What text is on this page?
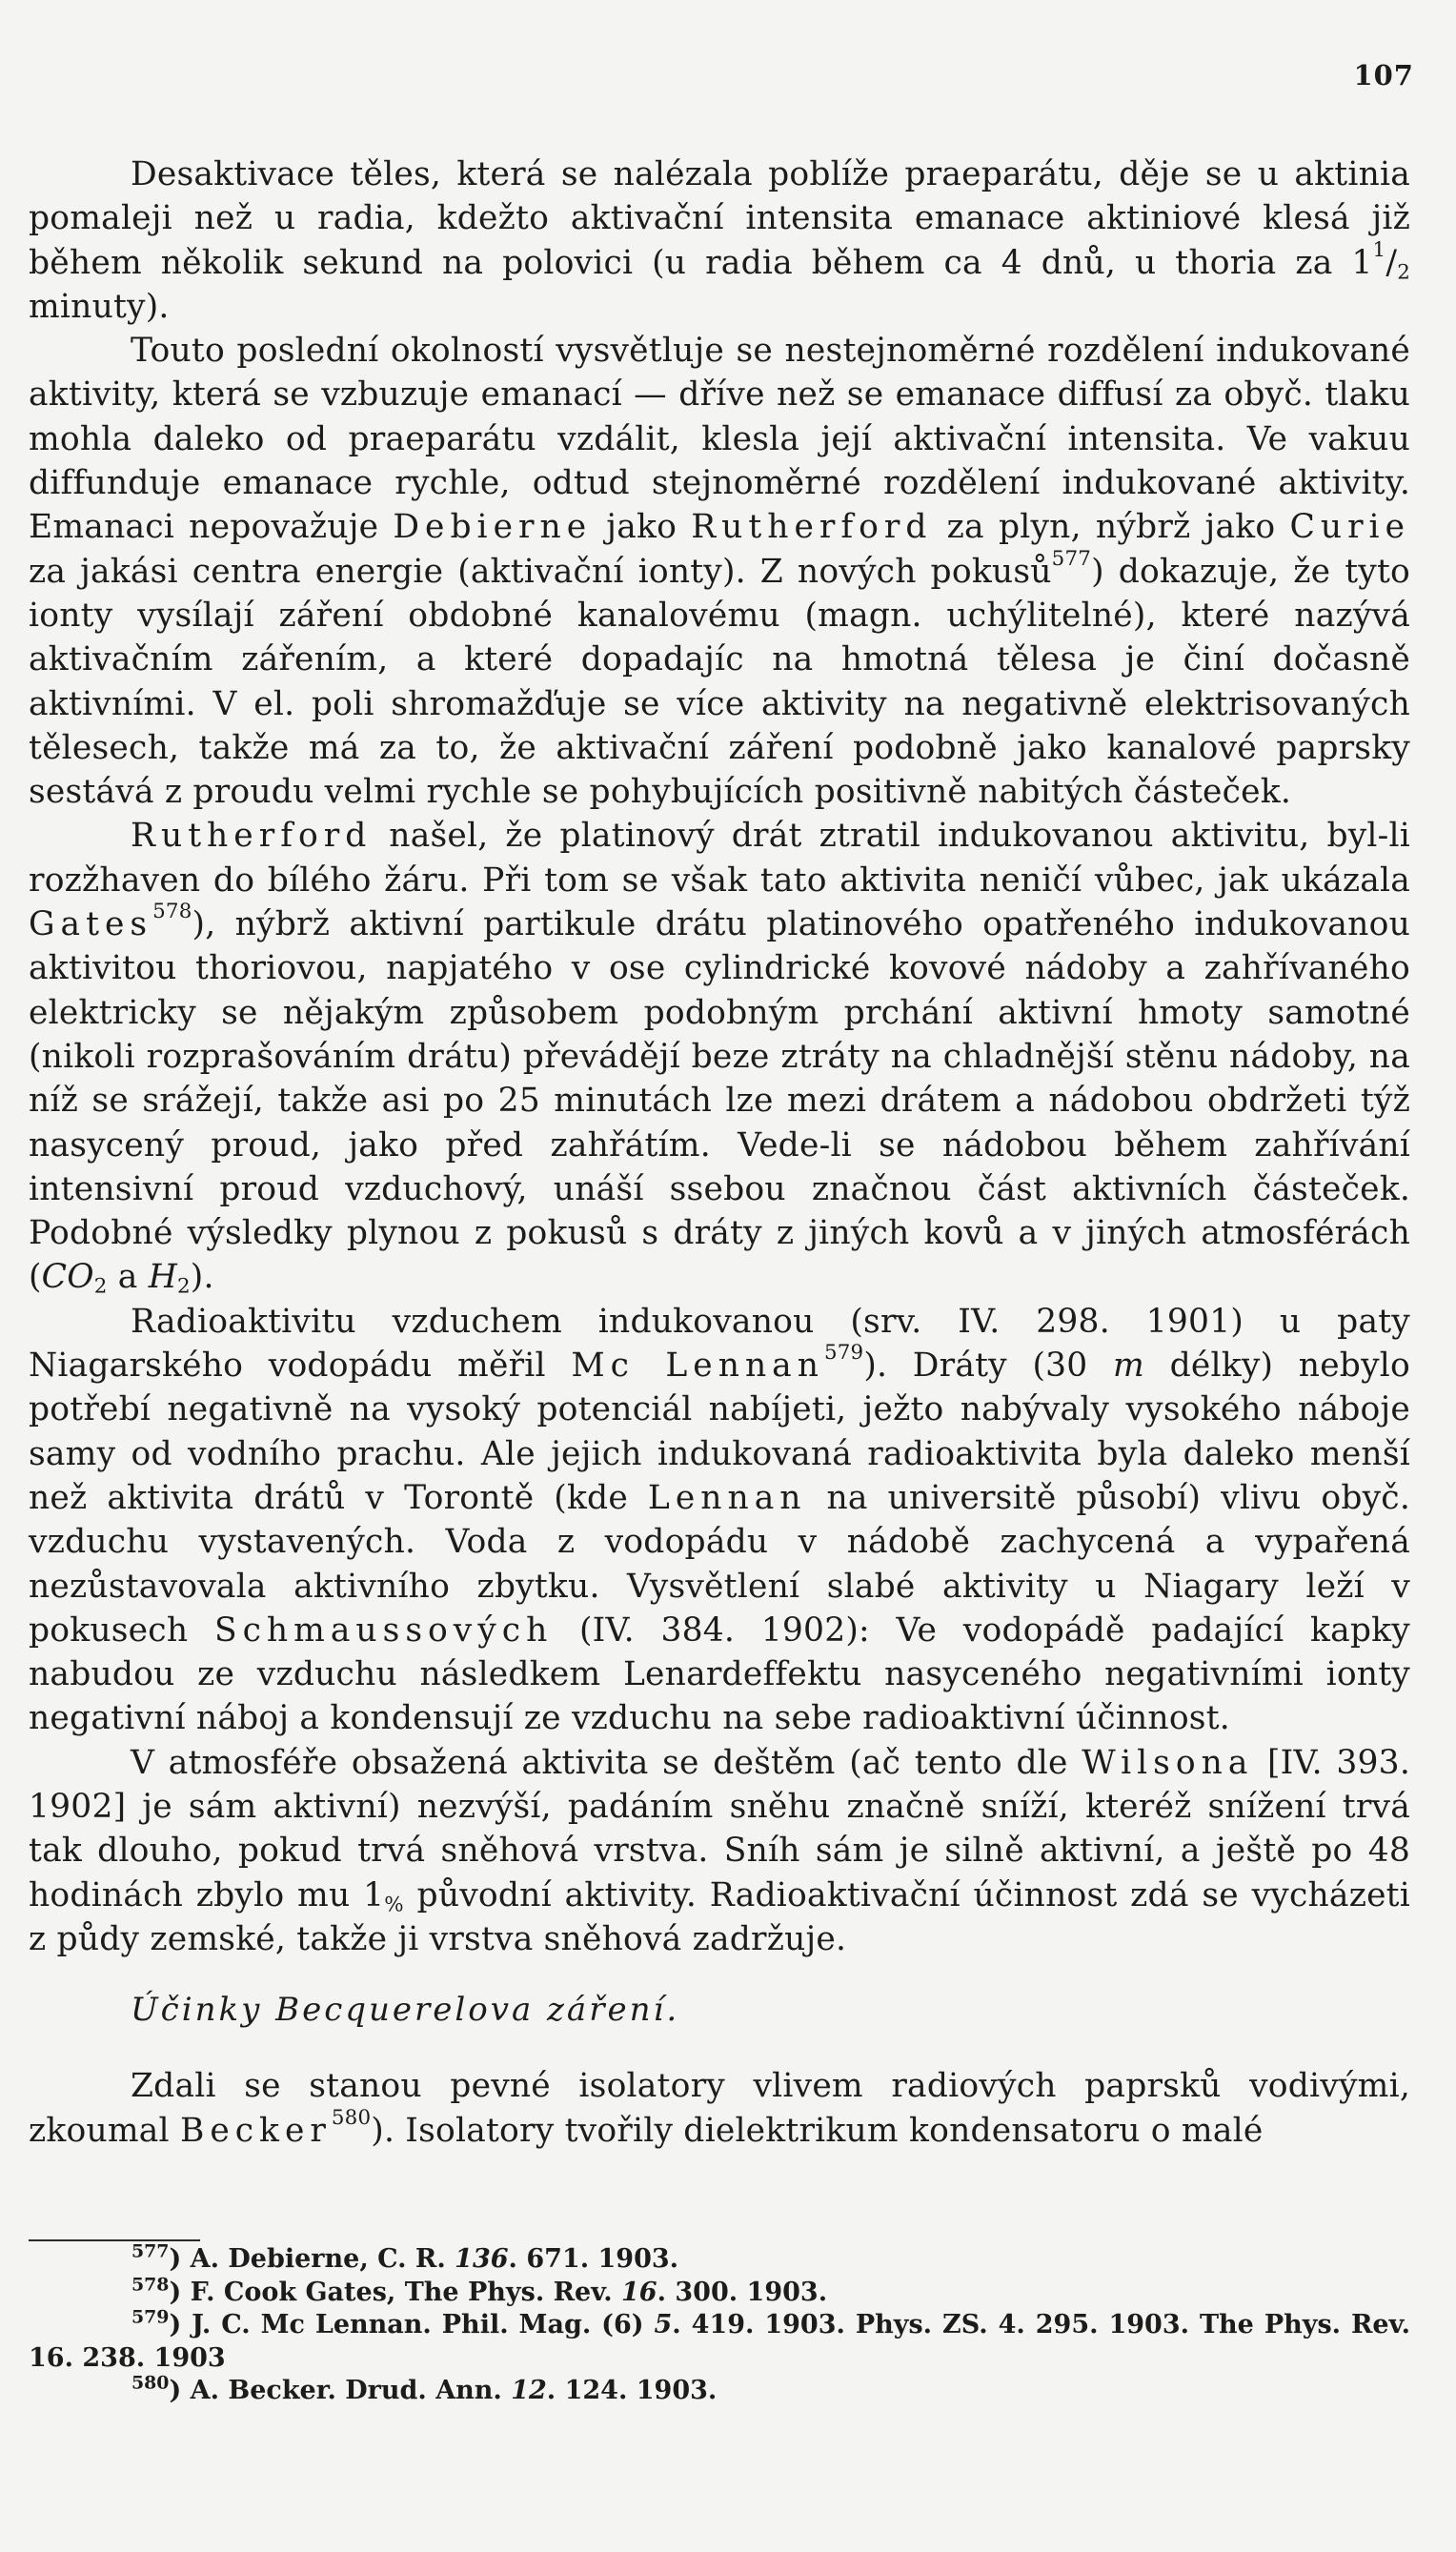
107

Desaktivace těles, která se nalézala poblíže praeparátu, děje se u aktinia pomaleji než u radia, kdežto aktivační intensita emanace aktiniové klesá již během několik sekund na polovici (u radia během ca 4 dnů, u thoria za $1^1/_2$ minuty).

Touto poslední okolností vysvětluje se nestejnoměrné rozdělení indukované aktivity, která se vzbuzuje emanací — dříve než se emanace diffusí za obyč. tlaku mohla daleko od praeparátu vzdálit, klesla její aktivační intensita. Ve vakuu diffunduje emanace rychle, odtud stejnoměrné rozdělení indukované aktivity. Emanaci nepovažuje Debierne jako Rutherford za plyn, nýbrž jako Curie za jakási centra energie (aktivační ionty). Z nových pokusů$^{577}$) dokazuje, že tyto ionty vysílají záření obdobné kanalovému (magn. uchýlitelné), které nazývá aktivačním zářením, a které dopadajíc na hmotná tělesa je činí dočasně aktivními. V el. poli shromažďuje se více aktivity na negativně elektrisovaných tělesech, takže má za to, že aktivační záření podobně jako kanalové paprsky sestává z proudu velmi rychle se pohybujících positivně nabitých částeček.

Rutherford našel, že platinový drát ztratil indukovanou aktivitu, byl-li rozžhaven do bílého žáru. Při tom se však tato aktivita neničí vůbec, jak ukázala Gates$^{578}$), nýbrž aktivní partikule drátu platinového opatřeného indukovanou aktivitou thoriovou, napjatého v ose cylindrické kovové nádoby a zahřívaného elektricky se nějakým způsobem podobným prchání aktivní hmoty samotné (nikoli rozprašováním drátu) převádějí beze ztráty na chladnější stěnu nádoby, na níž se srážejí, takže asi po 25 minutách lze mezi drátem a nádobou obdržeti týž nasycený proud, jako před zahřátím. Vede-li se nádobou během zahřívání intensivní proud vzduchový, unáší ssebou značnou část aktivních částeček. Podobné výsledky plynou z pokusů s dráty z jiných kovů a v jiných atmosférách ($CO_2$ a $H_2$).

Radioaktivitu vzduchem indukovanou (srv. IV. 298. 1901) u paty Niagarského vodopádu měřil Mc Lennan$^{579}$). Dráty (30 m délky) nebylo potřebí negativně na vysoký potenciál nabíjeti, ježto nabývaly vysokého náboje samy od vodního prachu. Ale jejich indukovaná radioaktivita byla daleko menší než aktivita drátů v Torontě (kde Lennan na universitě působí) vlivu obyč. vzduchu vystavených. Voda z vodopádu v nádobě zachycená a vypařená nezůstavovala aktivního zbytku. Vysvětlení slabé aktivity u Niagary leží v pokusech Schmaussových (IV. 384. 1902): Ve vodopádě padající kapky nabudou ze vzduchu následkem Lenardeffektu nasyceného negativními ionty negativní náboj a kondensují ze vzduchu na sebe radioaktivní účinnost.

V atmosféře obsažená aktivita se deštěm (ač tento dle Wilsona [IV. 393. 1902] je sám aktivní) nezvýší, padáním sněhu značně sníží, kteréž snížení trvá tak dlouho, pokud trvá sněhová vrstva. Sníh sám je silně aktivní, a ještě po 48 hodinách zbylo mu $1_{\%}$ původní aktivity. Radioaktivační účinnost zdá se vycházeti z půdy zemské, takže ji vrstva sněhová zadržuje.

Účinky Becquerelova záření.

Zdali se stanou pevné isolatory vlivem radiových paprsků vodivými, zkoumal Becker$^{580}$). Isolatory tvořily dielektrikum kondensatoru o malé

$^{577}$) A. Debierne, C. R. 136. 671. 1903.

$^{578}$) F. Cook Gates, The Phys. Rev. 16. 300. 1903.

$^{579}$) J. C. Mc Lennan. Phil. Mag. (6) 5. 419. 1903. Phys. ZS. 4. 295. 1903. The Phys. Rev. 16. 238. 1903

$^{580}$) A. Becker. Drud. Ann. 12. 124. 1903.
